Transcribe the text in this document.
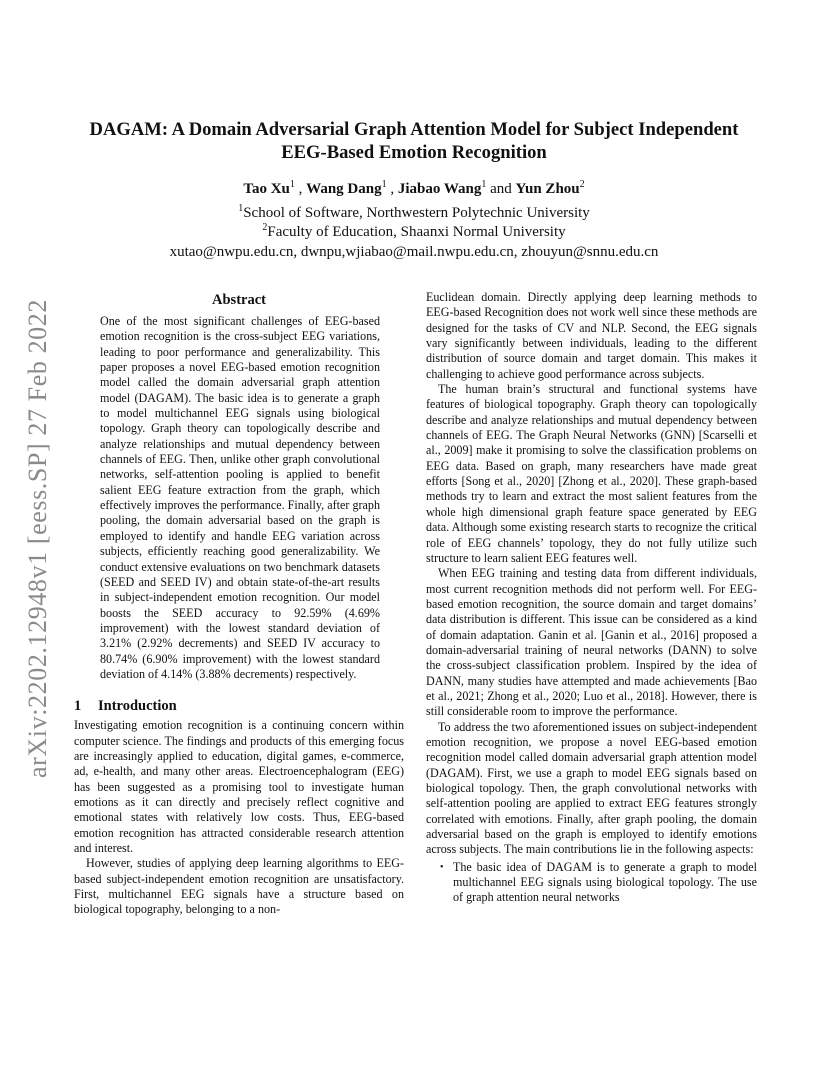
arXiv:2202.12948v1 [eess.SP] 27 Feb 2022
DAGAM: A Domain Adversarial Graph Attention Model for Subject Independent
EEG-Based Emotion Recognition
Tao Xu$^1$ , Wang Dang$^1$ , Jiabao Wang$^1$ and Yun Zhou$^2$
$^1$School of Software, Northwestern Polytechnic University
$^2$Faculty of Education, Shaanxi Normal University
xutao@nwpu.edu.cn, dwnpu,wjiabao@mail.nwpu.edu.cn, zhouyun@snnu.edu.cn
Abstract

One of the most significant challenges of EEG-based emotion recognition is the cross-subject EEG variations, leading to poor performance and generalizability. This paper proposes a novel EEG-based emotion recognition model called the domain adversarial graph attention model (DAGAM). The basic idea is to generate a graph to model multichannel EEG signals using biological topology. Graph theory can topologically describe and analyze relationships and mutual dependency between channels of EEG. Then, unlike other graph convolutional networks, self-attention pooling is applied to benefit salient EEG feature extraction from the graph, which effectively improves the performance. Finally, after graph pooling, the domain adversarial based on the graph is employed to identify and handle EEG variation across subjects, efficiently reaching good generalizability. We conduct extensive evaluations on two benchmark datasets (SEED and SEED IV) and obtain state-of-the-art results in subject-independent emotion recognition. Our model boosts the SEED accuracy to 92.59% (4.69% improvement) with the lowest standard deviation of 3.21% (2.92% decrements) and SEED IV accuracy to 80.74% (6.90% improvement) with the lowest standard deviation of 4.14% (3.88% decrements) respectively.

1 Introduction

Investigating emotion recognition is a continuing concern within computer science. The findings and products of this emerging focus are increasingly applied to education, digital games, e-commerce, ad, e-health, and many other areas. Electroencephalogram (EEG) has been suggested as a promising tool to investigate human emotions as it can directly and precisely reflect cognitive and emotional states with relatively low costs. Thus, EEG-based emotion recognition has attracted considerable research attention and interest.

However, studies of applying deep learning algorithms to EEG-based subject-independent emotion recognition are unsatisfactory. First, multichannel EEG signals have a structure based on biological topography, belonging to a non-

Euclidean domain. Directly applying deep learning methods to EEG-based Recognition does not work well since these methods are designed for the tasks of CV and NLP. Second, the EEG signals vary significantly between individuals, leading to the different distribution of source domain and target domain. This makes it challenging to achieve good performance across subjects.

The human brain’s structural and functional systems have features of biological topography. Graph theory can topologically describe and analyze relationships and mutual dependency between channels of EEG. The Graph Neural Networks (GNN) [Scarselli et al., 2009] make it promising to solve the classification problems on EEG data. Based on graph, many researchers have made great efforts [Song et al., 2020] [Zhong et al., 2020]. These graph-based methods try to learn and extract the most salient features from the whole high dimensional graph feature space generated by EEG data. Although some existing research starts to recognize the critical role of EEG channels’ topology, they do not fully utilize such structure to learn salient EEG features well.

When EEG training and testing data from different individuals, most current recognition methods did not perform well. For EEG-based emotion recognition, the source domain and target domains’ data distribution is different. This issue can be considered as a kind of domain adaptation. Ganin et al. [Ganin et al., 2016] proposed a domain-adversarial training of neural networks (DANN) to solve the cross-subject classification problem. Inspired by the idea of DANN, many studies have attempted and made achievements [Bao et al., 2021; Zhong et al., 2020; Luo et al., 2018]. However, there is still considerable room to improve the performance.

To address the two aforementioned issues on subject-independent emotion recognition, we propose a novel EEG-based emotion recognition model called domain adversarial graph attention model (DAGAM). First, we use a graph to model EEG signals based on biological topology. Then, the graph convolutional networks with self-attention pooling are applied to extract EEG features strongly correlated with emotions. Finally, after graph pooling, the domain adversarial based on the graph is employed to identify emotions across subjects. The main contributions lie in the following aspects:

• The basic idea of DAGAM is to generate a graph to model multichannel EEG signals using biological topology. The use of graph attention neural networks
